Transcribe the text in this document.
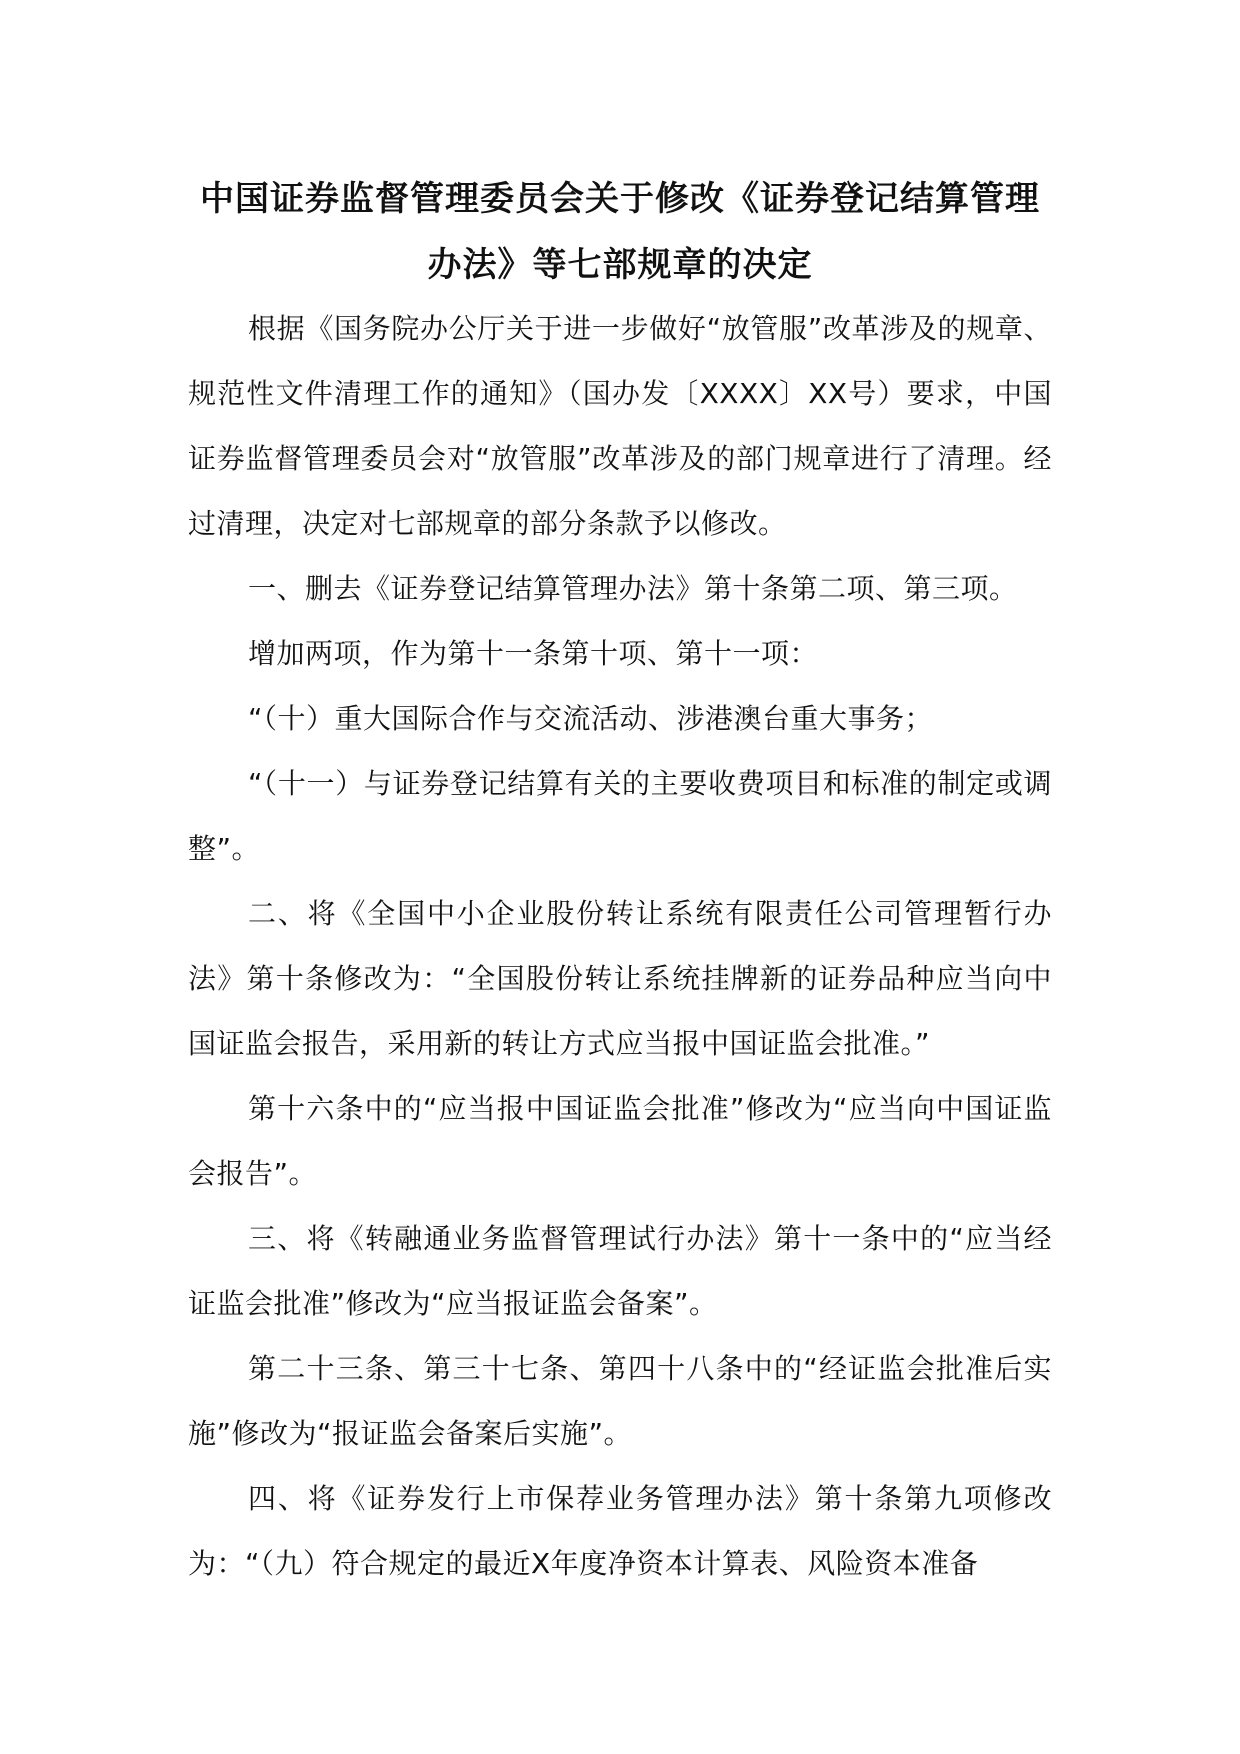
中国证券监督管理委员会关于修改《证券登记结算管理
办法》等七部规章的决定

根据《国务院办公厅关于进一步做好“放管服”改革涉及的规章、规范性文件清理工作的通知》（国办发〔XXXX〕XX号）要求，中国证券监督管理委员会对“放管服”改革涉及的部门规章进行了清理。经过清理，决定对七部规章的部分条款予以修改。

一、删去《证券登记结算管理办法》第十条第二项、第三项。

增加两项，作为第十一条第十项、第十一项：

“（十）重大国际合作与交流活动、涉港澳台重大事务；

“（十一）与证券登记结算有关的主要收费项目和标准的制定或调整”。

二、将《全国中小企业股份转让系统有限责任公司管理暂行办法》第十条修改为：“全国股份转让系统挂牌新的证券品种应当向中国证监会报告，采用新的转让方式应当报中国证监会批准。”

第十六条中的“应当报中国证监会批准”修改为“应当向中国证监会报告”。

三、将《转融通业务监督管理试行办法》第十一条中的“应当经证监会批准”修改为“应当报证监会备案”。

第二十三条、第三十七条、第四十八条中的“经证监会批准后实施”修改为“报证监会备案后实施”。

四、将《证券发行上市保荐业务管理办法》第十条第九项修改为：“（九）符合规定的最近X年度净资本计算表、风险资本准备
